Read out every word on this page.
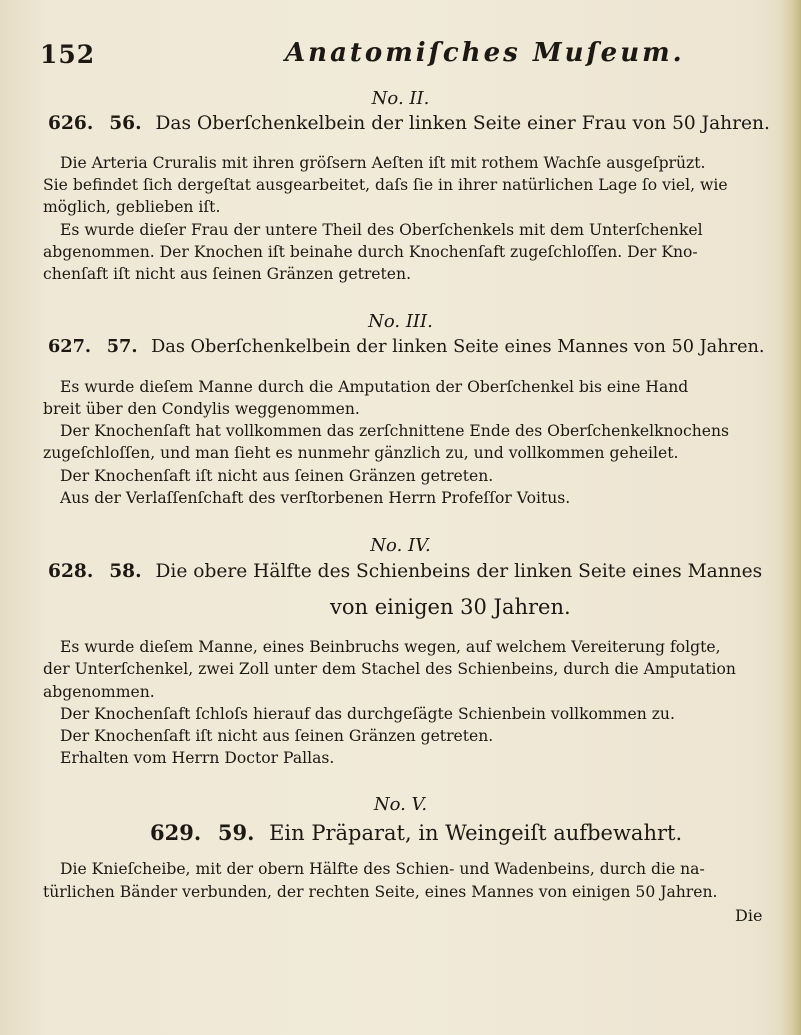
152	Anatomiſches Muſeum.
No. II.
626. 56. Das Oberſchenkelbein der linken Seite einer Frau von 50 Jahren.
Die Arteria Cruralis mit ihren gröſsern Aeſten iſt mit rothem Wachſe ausgeſprüzt.
Sie befindet ſich dergeſtat ausgearbeitet, daſs ſie in ihrer natürlichen Lage ſo viel, wie
möglich, geblieben iſt.
Es wurde dieſer Frau der untere Theil des Oberſchenkels mit dem Unterſchenkel
abgenommen. Der Knochen iſt beinahe durch Knochenſaft zugeſchloſſen. Der Kno-
chenſaft iſt nicht aus ſeinen Gränzen getreten.
No. III.
627. 57. Das Oberſchenkelbein der linken Seite eines Mannes von 50 Jahren.
Es wurde dieſem Manne durch die Amputation der Oberſchenkel bis eine Hand
breit über den Condylis weggenommen.
Der Knochenſaft hat vollkommen das zerſchnittene Ende des Oberſchenkelknochens
zugeſchloſſen, und man ſieht es nunmehr gänzlich zu, und vollkommen geheilet.
Der Knochenſaft iſt nicht aus ſeinen Gränzen getreten.
Aus der Verlaſſenſchaft des verſtorbenen Herrn Profeſſor Voitus.
No. IV.
628. 58. Die obere Hälfte des Schienbeins der linken Seite eines Mannes
von einigen 30 Jahren.
Es wurde dieſem Manne, eines Beinbruchs wegen, auf welchem Vereiterung folgte,
der Unterſchenkel, zwei Zoll unter dem Stachel des Schienbeins, durch die Amputation
abgenommen.
Der Knochenſaft ſchloſs hierauf das durchgeſägte Schienbein vollkommen zu.
Der Knochenſaft iſt nicht aus ſeinen Gränzen getreten.
Erhalten vom Herrn Doctor Pallas.
No. V.
629. 59. Ein Präparat, in Weingeiſt aufbewahrt.
Die Knieſcheibe, mit der obern Hälfte des Schien- und Wadenbeins, durch die na-
türlichen Bänder verbunden, der rechten Seite, eines Mannes von einigen 50 Jahren.
Die
